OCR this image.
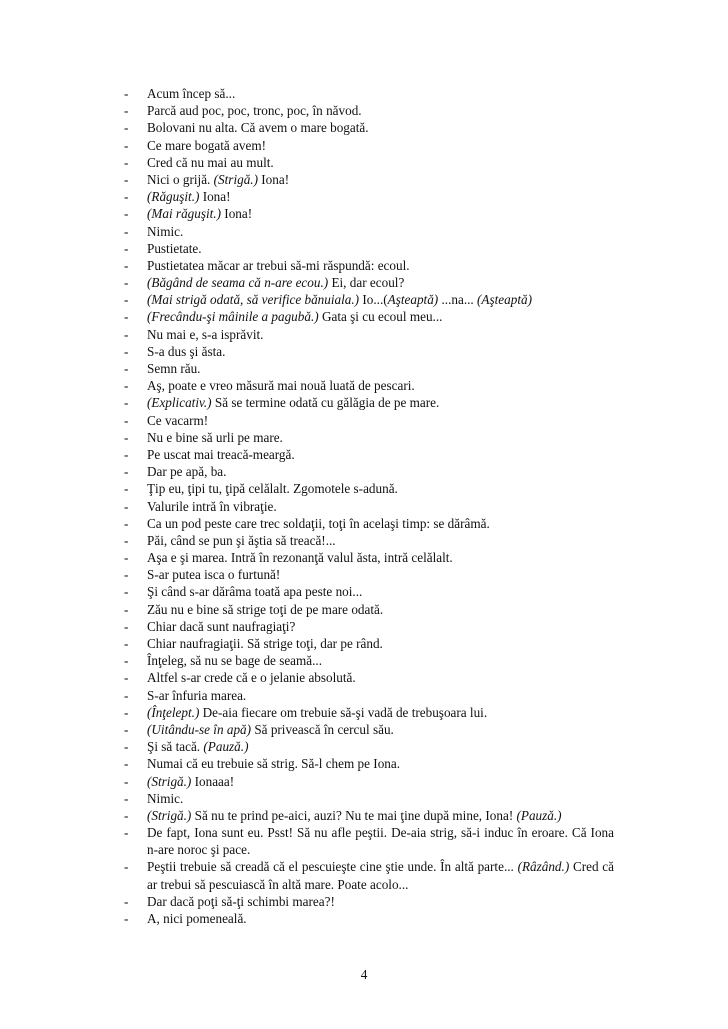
- Acum încep să...
- Parcă aud poc, poc, tronc, poc, în năvod.
- Bolovani nu alta. Că avem o mare bogată.
- Ce mare bogată avem!
- Cred că nu mai au mult.
- Nici o grijă. (Strigă.) Iona!
- (Răguşit.) Iona!
- (Mai răguşit.) Iona!
- Nimic.
- Pustietate.
- Pustietatea măcar ar trebui să-mi răspundă: ecoul.
- (Băgând de seama că n-are ecou.) Ei, dar ecoul?
- (Mai strigă odată, să verifice bănuiala.) Io...(Aşteaptă) ...na... (Aşteaptă)
- (Frecându-şi mâinile a pagubă.) Gata şi cu ecoul meu...
- Nu mai e, s-a isprăvit.
- S-a dus şi ăsta.
- Semn rău.
- Aş, poate e vreo măsură mai nouă luată de pescari.
- (Explicativ.) Să se termine odată cu gălăgia de pe mare.
- Ce vacarm!
- Nu e bine să urli pe mare.
- Pe uscat mai treacă-meargă.
- Dar pe apă, ba.
- Ţip eu, ţipi tu, ţipă celălalt. Zgomotele s-adună.
- Valurile intră în vibraţie.
- Ca un pod peste care trec soldaţii, toţi în acelaşi timp: se dărâmă.
- Păi, când se pun şi ăştia să treacă!...
- Aşa e şi marea. Intră în rezonanţă valul ăsta, intră celălalt.
- S-ar putea isca o furtună!
- Şi când s-ar dărâma toată apa peste noi...
- Zău nu e bine să strige toţi de pe mare odată.
- Chiar dacă sunt naufragiaţi?
- Chiar naufragiaţii. Să strige toţi, dar pe rând.
- Înţeleg, să nu se bage de seamă...
- Altfel s-ar crede că e o jelanie absolută.
- S-ar înfuria marea.
- (Înţelept.) De-aia fiecare om trebuie să-şi vadă de trebuşoara lui.
- (Uitându-se în apă) Să privească în cercul său.
- Şi să tacă. (Pauză.)
- Numai că eu trebuie să strig. Să-l chem pe Iona.
- (Strigă.) Ionaaa!
- Nimic.
- (Strigă.) Să nu te prind pe-aici, auzi? Nu te mai ţine după mine, Iona! (Pauză.)
- De fapt, Iona sunt eu. Psst! Să nu afle peştii. De-aia strig, să-i induc în eroare. Că Iona n-are noroc şi pace.
- Peştii trebuie să creadă că el pescuieşte cine ştie unde. În altă parte... (Râzând.) Cred că ar trebui să pescuiască în altă mare. Poate acolo...
- Dar dacă poţi să-ţi schimbi marea?!
- A, nici pomeneală.
4
